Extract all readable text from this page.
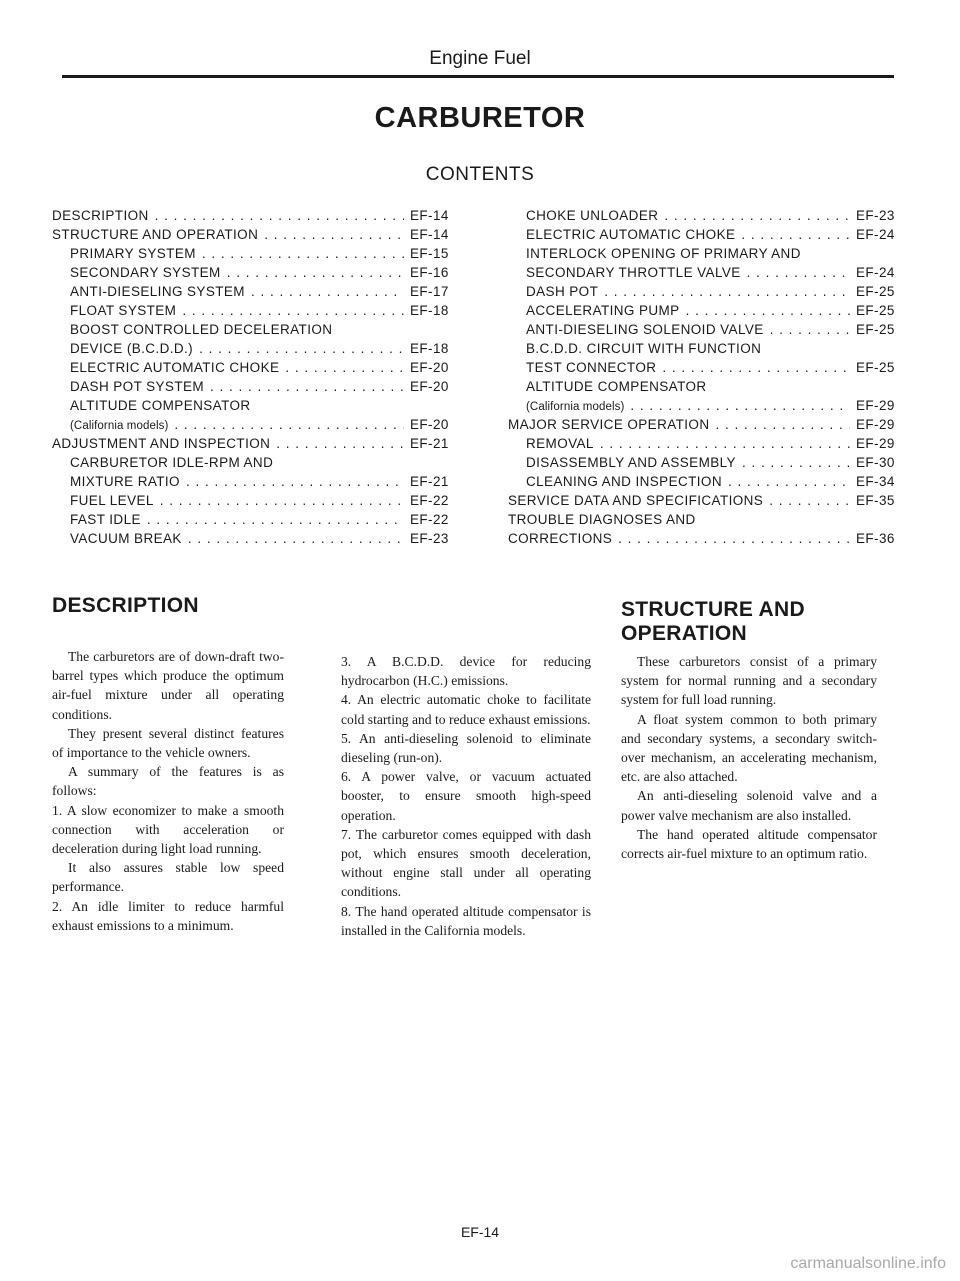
Engine Fuel
CARBURETOR
CONTENTS
DESCRIPTION . . .	EF-14
STRUCTURE AND OPERATION . . .	EF-14
PRIMARY SYSTEM . . .	EF-15
SECONDARY SYSTEM . . .	EF-16
ANTI-DIESELING SYSTEM . . .	EF-17
FLOAT SYSTEM . . .	EF-18
BOOST CONTROLLED DECELERATION
DEVICE (B.C.D.D.) . . .	EF-18
ELECTRIC AUTOMATIC CHOKE . . .	EF-20
DASH POT SYSTEM . . .	EF-20
ALTITUDE COMPENSATOR
(California models) . . .	EF-20
ADJUSTMENT AND INSPECTION . . .	EF-21
CARBURETOR IDLE-RPM AND
MIXTURE RATIO . . .	EF-21
FUEL LEVEL . . .	EF-22
FAST IDLE . . .	EF-22
VACUUM BREAK . . .	EF-23
CHOKE UNLOADER . . .	EF-23
ELECTRIC AUTOMATIC CHOKE . . .	EF-24
INTERLOCK OPENING OF PRIMARY AND
SECONDARY THROTTLE VALVE . . .	EF-24
DASH POT . . .	EF-25
ACCELERATING PUMP . . .	EF-25
ANTI-DIESELING SOLENOID VALVE . . .	EF-25
B.C.D.D. CIRCUIT WITH FUNCTION
TEST CONNECTOR . . .	EF-25
ALTITUDE COMPENSATOR
(California models) . . .	EF-29
MAJOR SERVICE OPERATION . . .	EF-29
REMOVAL . . .	EF-29
DISASSEMBLY AND ASSEMBLY . . .	EF-30
CLEANING AND INSPECTION . . .	EF-34
SERVICE DATA AND SPECIFICATIONS . . .	EF-35
TROUBLE DIAGNOSES AND
CORRECTIONS . . .	EF-36
DESCRIPTION

The carburetors are of down-draft two-barrel types which produce the optimum air-fuel mixture under all operating conditions.

They present several distinct features of importance to the vehicle owners.

A summary of the features is as follows:

1. A slow economizer to make a smooth connection with acceleration or deceleration during light load running.

It also assures stable low speed performance.

2. An idle limiter to reduce harmful exhaust emissions to a minimum.

3. A B.C.D.D. device for reducing hydrocarbon (H.C.) emissions.

4. An electric automatic choke to facilitate cold starting and to reduce exhaust emissions.

5. An anti-dieseling solenoid to eliminate dieseling (run-on).

6. A power valve, or vacuum actuated booster, to ensure smooth high-speed operation.

7. The carburetor comes equipped with dash pot, which ensures smooth deceleration, without engine stall under all operating conditions.

8. The hand operated altitude compensator is installed in the California models.

STRUCTURE AND
OPERATION

These carburetors consist of a primary system for normal running and a secondary system for full load running.

A float system common to both primary and secondary systems, a secondary switch-over mechanism, an accelerating mechanism, etc. are also attached.

An anti-dieseling solenoid valve and a power valve mechanism are also installed.

The hand operated altitude compensator corrects air-fuel mixture to an optimum ratio.

EF-14
carmanualsonline.info
